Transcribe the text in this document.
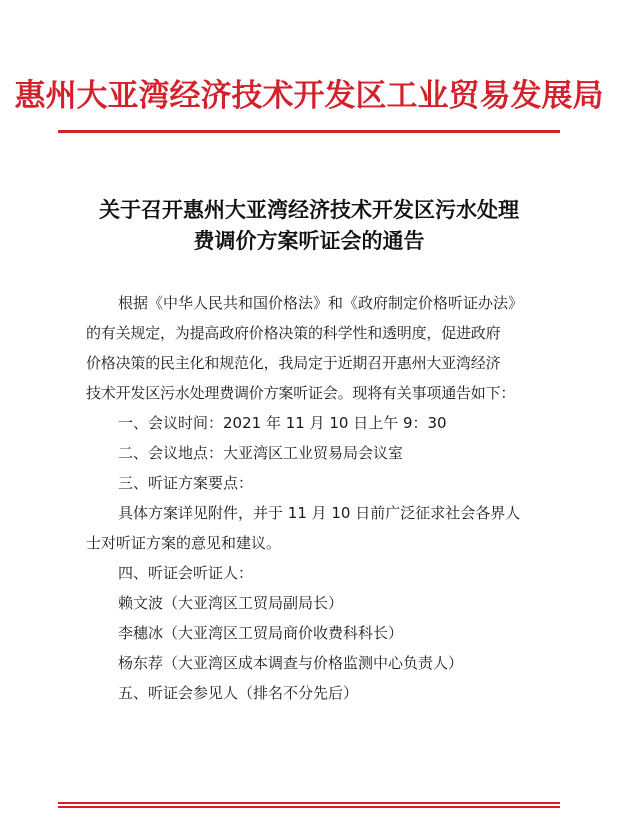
惠州大亚湾经济技术开发区工业贸易发展局
关于召开惠州大亚湾经济技术开发区污水处理
费调价方案听证会的通告
根据《中华人民共和国价格法》和《政府制定价格听证办法》
的有关规定，为提高政府价格决策的科学性和透明度，促进政府
价格决策的民主化和规范化，我局定于近期召开惠州大亚湾经济
技术开发区污水处理费调价方案听证会。现将有关事项通告如下：
一、会议时间：2021 年 11 月 10 日上午 9：30
二、会议地点：大亚湾区工业贸易局会议室
三、听证方案要点：
具体方案详见附件，并于 11 月 10 日前广泛征求社会各界人
士对听证方案的意见和建议。
四、听证会听证人：
赖文波（大亚湾区工贸局副局长）
李穗冰（大亚湾区工贸局商价收费科科长）
杨东荐（大亚湾区成本调查与价格监测中心负责人）
五、听证会参见人（排名不分先后）
